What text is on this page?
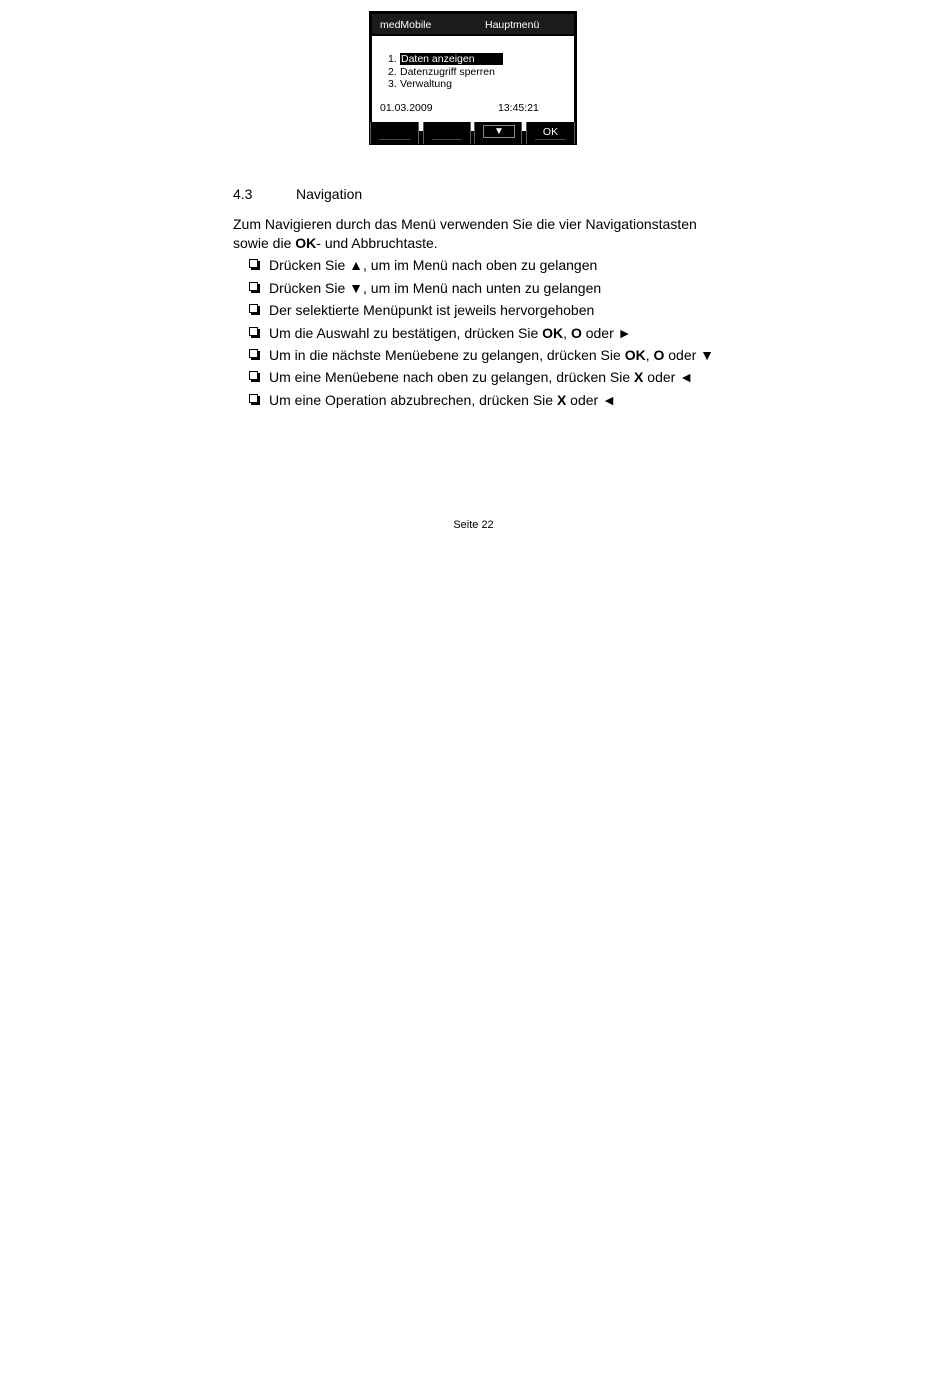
medMobile	Hauptmenü
1. Daten anzeigen
2. Datenzugriff sperren
3. Verwaltung
01.03.2009	13:45:21
▼	OK
4.3	Navigation

Zum Navigieren durch das Menü verwenden Sie die vier Navigationstasten sowie die OK- und Abbruchtaste.

Drücken Sie ▲, um im Menü nach oben zu gelangen
Drücken Sie ▼, um im Menü nach unten zu gelangen
Der selektierte Menüpunkt ist jeweils hervorgehoben
Um die Auswahl zu bestätigen, drücken Sie OK, O oder ►
Um in die nächste Menüebene zu gelangen, drücken Sie OK, O oder ▼
Um eine Menüebene nach oben zu gelangen, drücken Sie X oder ◄
Um eine Operation abzubrechen, drücken Sie X oder ◄
Seite 22
